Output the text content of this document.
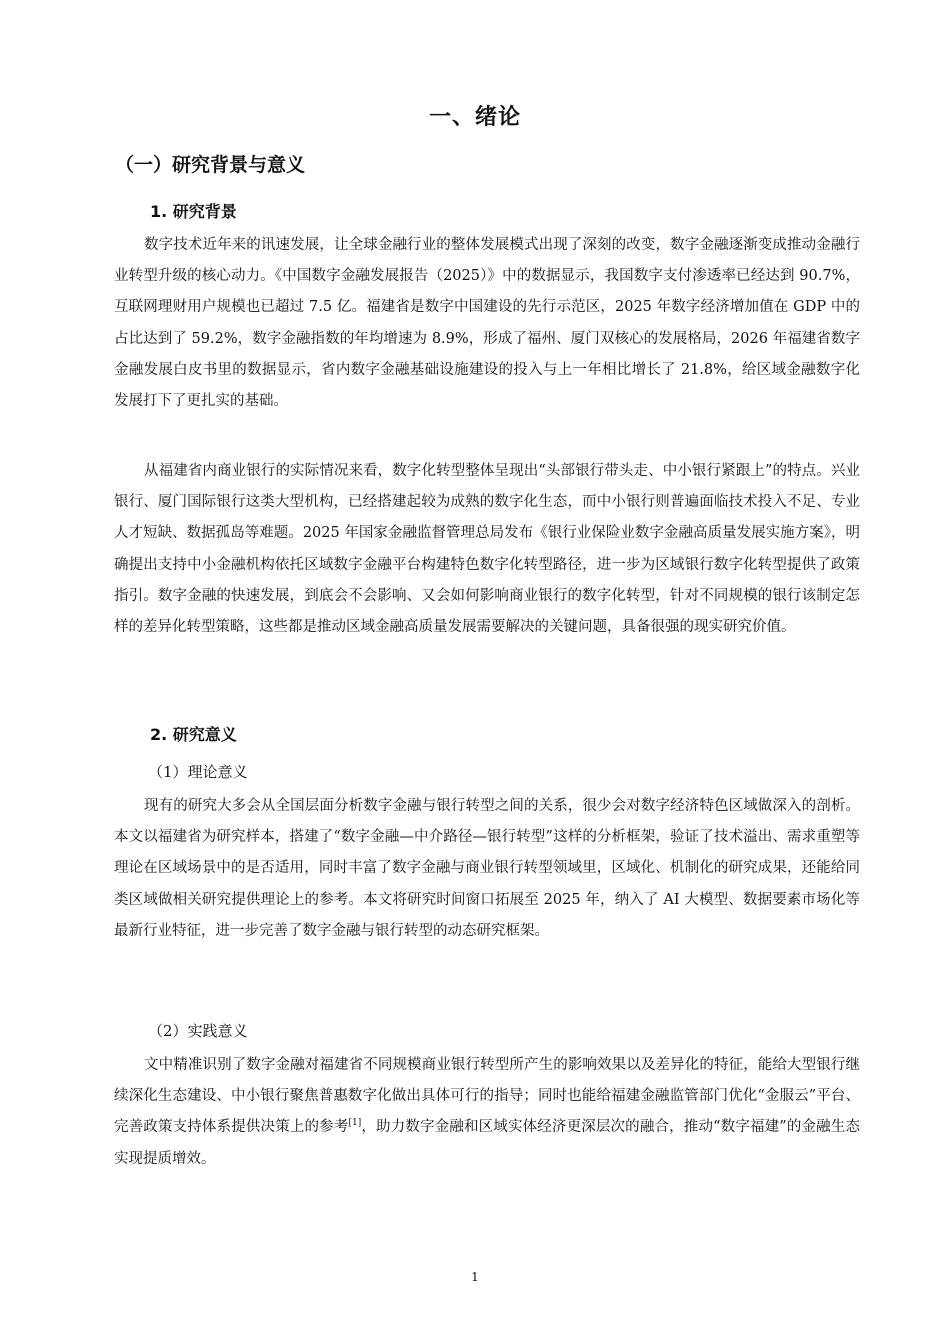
一、绪论
（一）研究背景与意义
1. 研究背景

数字技术近年来的讯速发展，让全球金融行业的整体发展模式出现了深刻的改变，数字金融逐渐变成推动金融行业转型升级的核心动力。《中国数字金融发展报告（2025）》中的数据显示，我国数字支付渗透率已经达到 90.7%，互联网理财用户规模也已超过 7.5 亿。福建省是数字中国建设的先行示范区，2025 年数字经济增加值在 GDP 中的占比达到了 59.2%，数字金融指数的年均增速为 8.9%，形成了福州、厦门双核心的发展格局，2026 年福建省数字金融发展白皮书里的数据显示，省内数字金融基础设施建设的投入与上一年相比增长了 21.8%，给区域金融数字化发展打下了更扎实的基础。

从福建省内商业银行的实际情况来看，数字化转型整体呈现出“头部银行带头走、中小银行紧跟上”的特点。兴业银行、厦门国际银行这类大型机构，已经搭建起较为成熟的数字化生态，而中小银行则普遍面临技术投入不足、专业人才短缺、数据孤岛等难题。2025 年国家金融监督管理总局发布《银行业保险业数字金融高质量发展实施方案》，明确提出支持中小金融机构依托区域数字金融平台构建特色数字化转型路径，进一步为区域银行数字化转型提供了政策指引。数字金融的快速发展，到底会不会影响、又会如何影响商业银行的数字化转型，针对不同规模的银行该制定怎样的差异化转型策略，这些都是推动区域金融高质量发展需要解决的关键问题，具备很强的现实研究价值。

2. 研究意义
（1）理论意义

现有的研究大多会从全国层面分析数字金融与银行转型之间的关系，很少会对数字经济特色区域做深入的剖析。本文以福建省为研究样本，搭建了“数字金融—中介路径—银行转型”这样的分析框架，验证了技术溢出、需求重塑等理论在区域场景中的是否适用，同时丰富了数字金融与商业银行转型领域里，区域化、机制化的研究成果，还能给同类区域做相关研究提供理论上的参考。本文将研究时间窗口拓展至 2025 年，纳入了 AI 大模型、数据要素市场化等最新行业特征，进一步完善了数字金融与银行转型的动态研究框架。

（2）实践意义

文中精准识别了数字金融对福建省不同规模商业银行转型所产生的影响效果以及差异化的特征，能给大型银行继续深化生态建设、中小银行聚焦普惠数字化做出具体可行的指导；同时也能给福建金融监管部门优化“金服云”平台、完善政策支持体系提供决策上的参考[1]，助力数字金融和区域实体经济更深层次的融合，推动“数字福建”的金融生态实现提质增效。

1
